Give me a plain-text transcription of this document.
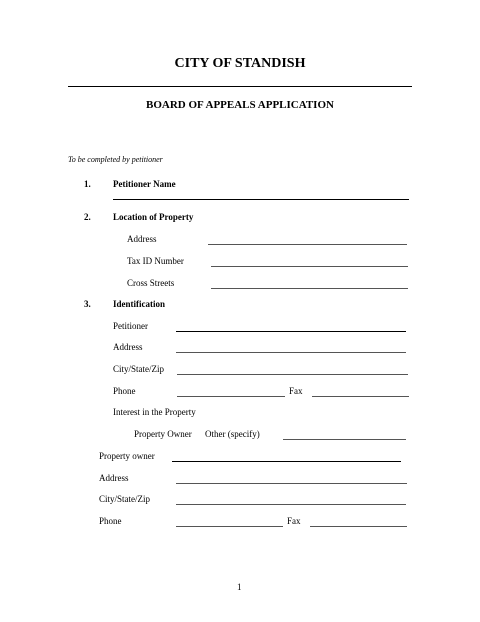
CITY OF STANDISH
BOARD OF APPEALS APPLICATION
To be completed by petitioner
1. Petitioner Name
2. Location of Property
Address
Tax ID Number
Cross Streets
3. Identification
Petitioner
Address
City/State/Zip
Phone	Fax
Interest in the Property
Property Owner Other (specify)
Property owner
Address
City/State/Zip
Phone	Fax
1
